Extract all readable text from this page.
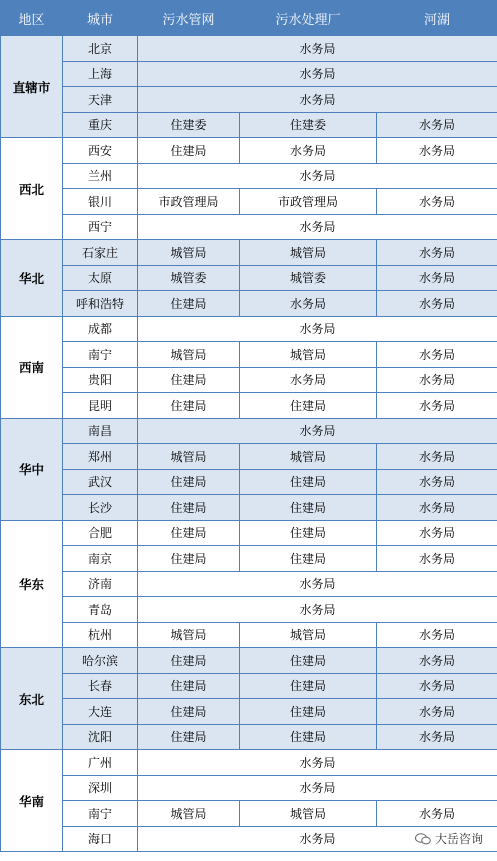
地区	城市	污水管网	污水处理厂	河湖
直辖市	北京	水务局		
	上海	水务局		
	天津	水务局		
	重庆	住建委	住建委	水务局
西北	西安	住建局	水务局	水务局
	兰州	水务局		
	银川	市政管理局	市政管理局	水务局
	西宁	水务局		
华北	石家庄	城管局	城管局	水务局
	太原	城管委	城管委	水务局
	呼和浩特	住建局	水务局	水务局
西南	成都	水务局		
	南宁	城管局	城管局	水务局
	贵阳	住建局	水务局	水务局
	昆明	住建局	住建局	水务局
华中	南昌	水务局		
	郑州	城管局	城管局	水务局
	武汉	住建局	住建局	水务局
	长沙	住建局	住建局	水务局
华东	合肥	住建局	住建局	水务局
	南京	住建局	住建局	水务局
	济南	水务局		
	青岛	水务局		
	杭州	城管局	城管局	水务局
东北	哈尔滨	住建局	住建局	水务局
	长春	住建局	住建局	水务局
	大连	住建局	住建局	水务局
	沈阳	住建局	住建局	水务局
华南	广州	水务局		
	深圳	水务局		
	南宁	城管局	城管局	水务局
	海口	水务局			大岳咨询
